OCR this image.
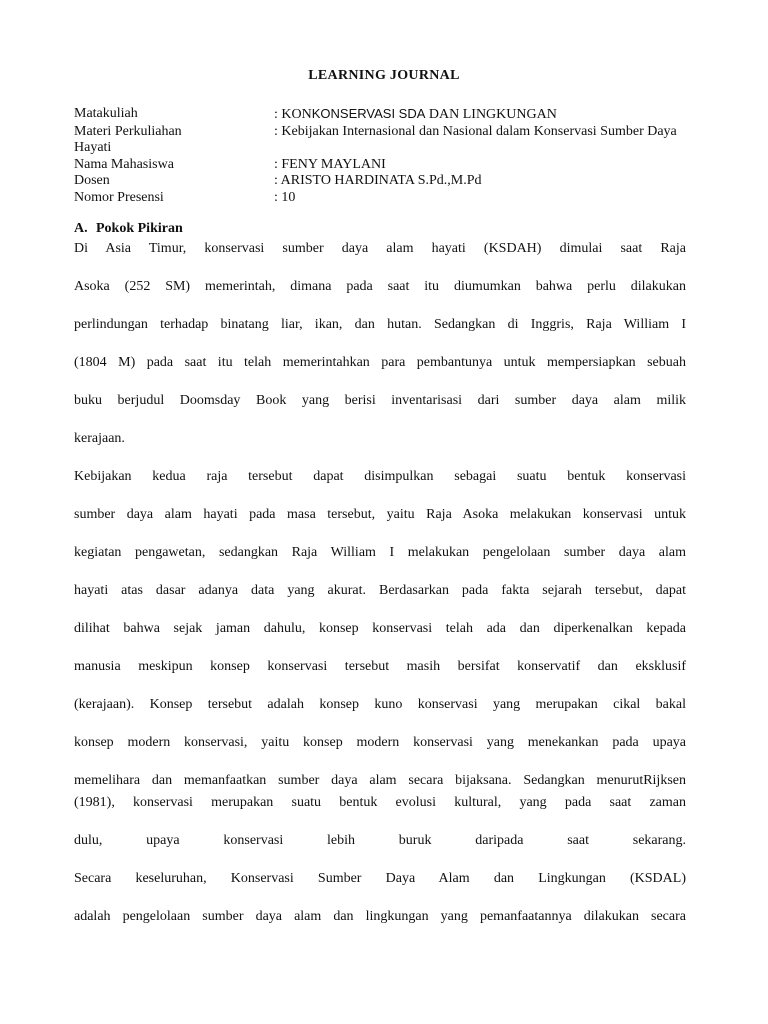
LEARNING JOURNAL
Matakuliah	: KONKONSERVASI SDA DAN LINGKUNGAN
Materi Perkuliahan	: Kebijakan Internasional dan Nasional dalam Konservasi Sumber Daya
Hayati
Nama Mahasiswa	: FENY MAYLANI
Dosen	: ARISTO HARDINATA S.Pd.,M.Pd
Nomor Presensi	: 10
A. Pokok Pikiran
Di Asia Timur, konservasi sumber daya alam hayati (KSDAH) dimulai saat Raja
Asoka (252 SM) memerintah, dimana pada saat itu diumumkan bahwa perlu dilakukan
perlindungan terhadap binatang liar, ikan, dan hutan. Sedangkan di Inggris, Raja William I
(1804 M) pada saat itu telah memerintahkan para pembantunya untuk mempersiapkan sebuah
buku berjudul Doomsday Book yang berisi inventarisasi dari sumber daya alam milik
kerajaan.
Kebijakan kedua raja tersebut dapat disimpulkan sebagai suatu bentuk konservasi
sumber daya alam hayati pada masa tersebut, yaitu Raja Asoka melakukan konservasi untuk
kegiatan pengawetan, sedangkan Raja William I melakukan pengelolaan sumber daya alam
hayati atas dasar adanya data yang akurat. Berdasarkan pada fakta sejarah tersebut, dapat
dilihat bahwa sejak jaman dahulu, konsep konservasi telah ada dan diperkenalkan kepada
manusia meskipun konsep konservasi tersebut masih bersifat konservatif dan eksklusif
(kerajaan). Konsep tersebut adalah konsep kuno konservasi yang merupakan cikal bakal
konsep modern konservasi, yaitu konsep modern konservasi yang menekankan pada upaya
memelihara dan memanfaatkan sumber daya alam secara bijaksana. Sedangkan menurutRijksen
(1981), konservasi merupakan suatu bentuk evolusi kultural, yang pada saat zaman
dulu, upaya konservasi lebih buruk daripada saat sekarang.
Secara keseluruhan, Konservasi Sumber Daya Alam dan Lingkungan (KSDAL)
adalah pengelolaan sumber daya alam dan lingkungan yang pemanfaatannya dilakukan secara
